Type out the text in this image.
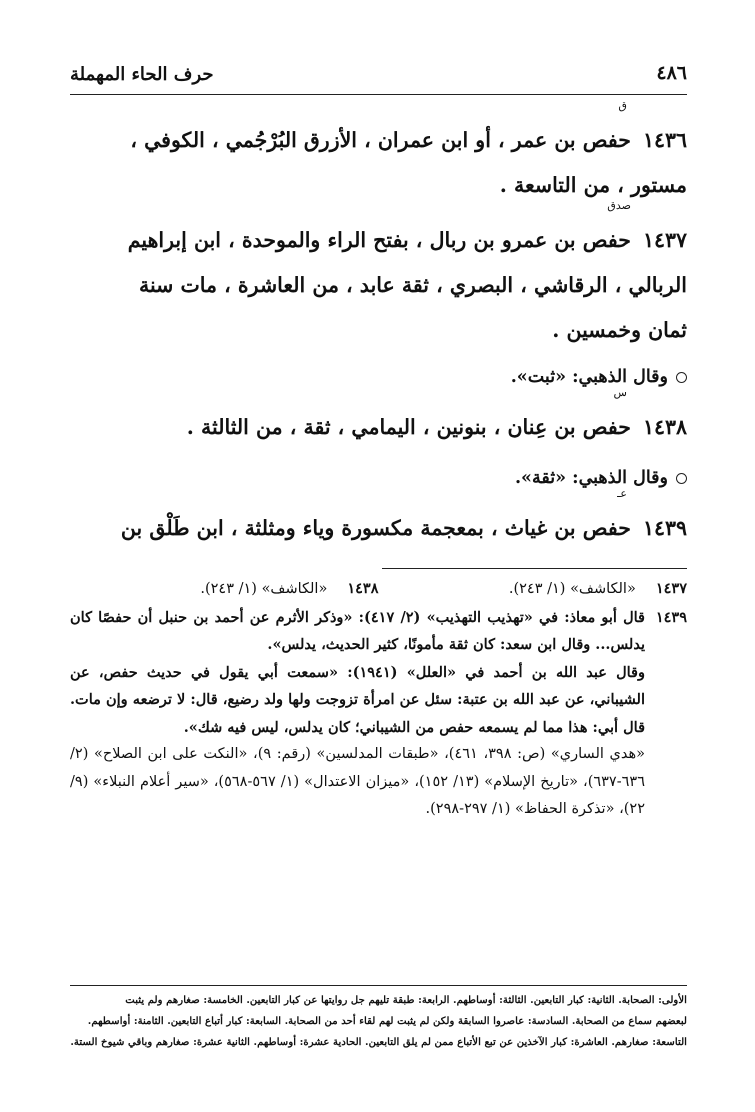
٤٨٦
حرف الحاء المهملة
١٤٣٦
ق
حفص بن عمر ، أو ابن عمران ، الأزرق البُرْجُمي ، الكوفي ،
مستور ، من التاسعة .
١٤٣٧
صدق
حفص بن عمرو بن ربال ، بفتح الراء والموحدة ، ابن إبراهيم
الربالي ، الرقاشي ، البصري ، ثقة عابد ، من العاشرة ، مات سنة
ثمان وخمسين .
وقال الذهبي: «ثبت».
١٤٣٨
س
حفص بن عِنان ، بنونين ، اليمامي ، ثقة ، من الثالثة .
وقال الذهبي: «ثقة».
١٤٣٩
عـ
حفص بن غياث ، بمعجمة مكسورة وياء ومثلثة ، ابن طَلْق بن
١٤٣٧«الكاشف» (١/ ٢٤٣).
١٤٣٨«الكاشف» (١/ ٢٤٣).
١٤٣٩

قال أبو معاذ: في «تهذيب التهذيب» (٢/ ٤١٧): «وذكر الأثرم عن أحمد بن حنبل أن حفصًا كان يدلس... وقال ابن سعد: كان ثقة مأمونًا، كثير الحديث، يدلس».

وقال عبد الله بن أحمد في «العلل» (١٩٤١): «سمعت أبي يقول في حديث حفص، عن الشيباني، عن عبد الله بن عتبة: سئل عن امرأة تزوجت ولها ولد رضيع، قال: لا ترضعه وإن مات. قال أبي: هذا مما لم يسمعه حفص من الشيباني؛ كان يدلس، ليس فيه شك».

«هدي الساري» (ص: ٣٩٨، ٤٦١)، «طبقات المدلسين» (رقم: ٩)، «النكت على ابن الصلاح» (٢/ ٦٣٦-٦٣٧)، «تاريخ الإسلام» (١٣/ ١٥٢)، «ميزان الاعتدال» (١/ ٥٦٧-٥٦٨)، «سير أعلام النبلاء» (٩/ ٢٢)، «تذكرة الحفاظ» (١/ ٢٩٧-٢٩٨).

الأولى: الصحابة. الثانية: كبار التابعين. الثالثة: أوساطهم. الرابعة: طبقة تليهم جل روايتها عن كبار التابعين. الخامسة: صغارهم ولم يثبت
لبعضهم سماع من الصحابة. السادسة: عاصروا السابقة ولكن لم يثبت لهم لقاء أحد من الصحابة. السابعة: كبار أتباع التابعين. الثامنة: أواسطهم.
التاسعة: صغارهم. العاشرة: كبار الآخذين عن تبع الأتباع ممن لم يلق التابعين. الحادية عشرة: أوساطهم. الثانية عشرة: صغارهم وباقي شيوخ الستة.
